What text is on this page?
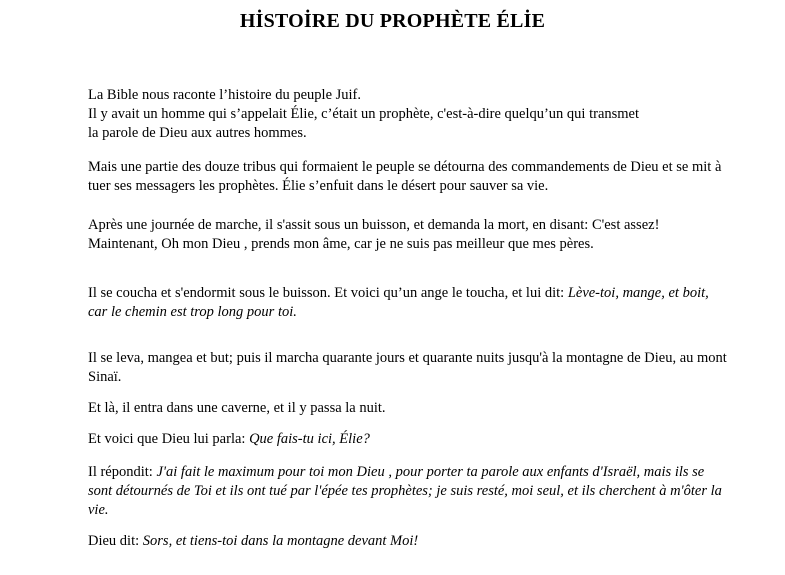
HİSTOİRE DU PROPHÈTE ÉLİE

La Bible nous raconte l’histoire du peuple Juif.
Il y avait un homme qui s’appelait Élie, c’était un prophète, c'est-à-dire quelqu’un qui transmet
la parole de Dieu aux autres hommes.

Mais une partie des douze tribus qui formaient le peuple se détourna des commandements de Dieu et se mit à tuer ses messagers les prophètes. Élie s’enfuit dans le désert pour sauver sa vie.

Après une journée de marche, il s'assit sous un buisson, et demanda la mort, en disant: C'est assez! Maintenant, Oh mon Dieu , prends mon âme, car je ne suis pas meilleur que mes pères.

Il se coucha et s'endormit sous le buisson. Et voici qu’un ange le toucha, et lui dit: Lève-toi, mange, et boit, car le chemin est trop long pour toi.

Il se leva, mangea et but; puis il marcha quarante jours et quarante nuits jusqu'à la montagne de Dieu, au mont Sinaï.

Et là, il entra dans une caverne, et il y passa la nuit.

Et voici que Dieu lui parla: Que fais-tu ici, Élie?

Il répondit: J'ai fait le maximum pour toi mon Dieu , pour porter ta parole aux enfants d'Israël, mais ils se sont détournés de Toi et ils ont tué par l'épée tes prophètes; je suis resté, moi seul, et ils cherchent à m'ôter la vie.

Dieu dit: Sors, et tiens-toi dans la montagne devant Moi!
